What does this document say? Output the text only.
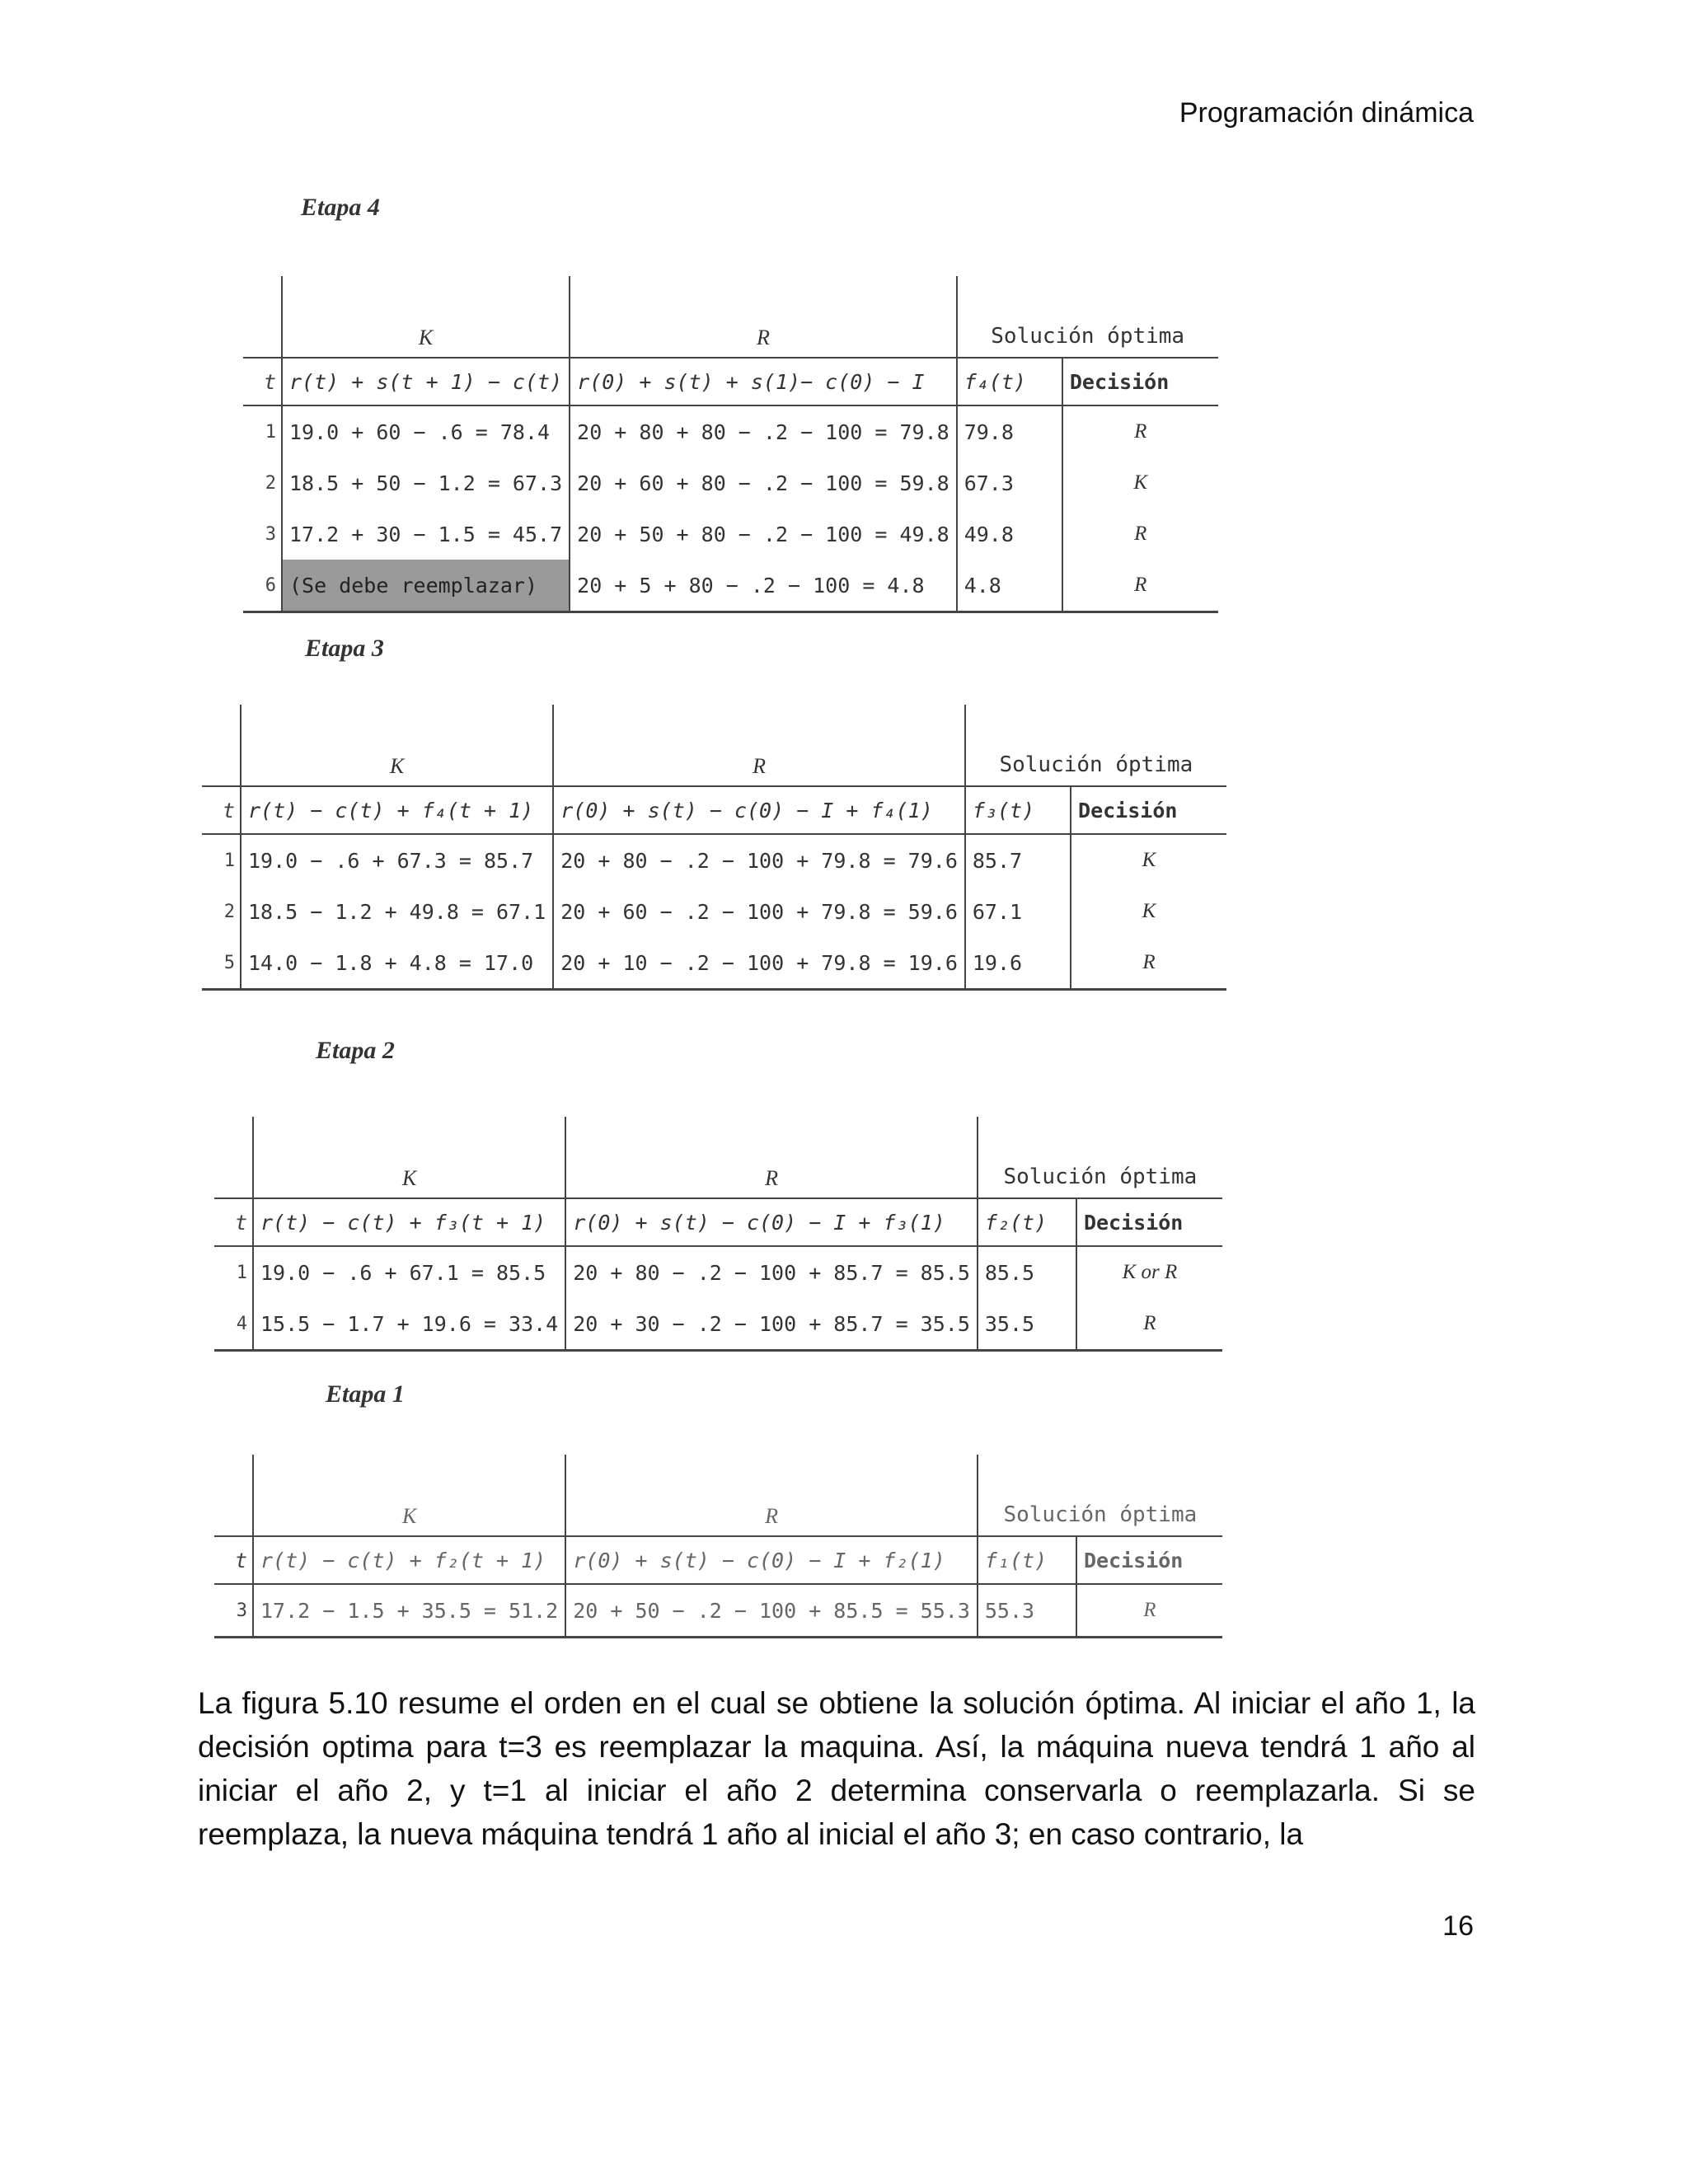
Programación dinámica
Etapa 4
	K	R	Solución óptima	
t	r(t) + s(t + 1) − c(t)	r(0) + s(t) + s(1)− c(0) − I	f₄(t)	Decisión
1	19.0 + 60 − .6 = 78.4	20 + 80 + 80 − .2 − 100 = 79.8	79.8	R
2	18.5 + 50 − 1.2 = 67.3	20 + 60 + 80 − .2 − 100 = 59.8	67.3	K
3	17.2 + 30 − 1.5 = 45.7	20 + 50 + 80 − .2 − 100 = 49.8	49.8	R
6	(Se debe reemplazar)	20 + 5 + 80 − .2 − 100 = 4.8	4.8	R
Etapa 3
	K	R	Solución óptima	
t	r(t) − c(t) + f₄(t + 1)	r(0) + s(t) − c(0) − I + f₄(1)	f₃(t)	Decisión
1	19.0 − .6 + 67.3 = 85.7	20 + 80 − .2 − 100 + 79.8 = 79.6	85.7	K
2	18.5 − 1.2 + 49.8 = 67.1	20 + 60 − .2 − 100 + 79.8 = 59.6	67.1	K
5	14.0 − 1.8 + 4.8 = 17.0	20 + 10 − .2 − 100 + 79.8 = 19.6	19.6	R
Etapa 2
	K	R	Solución óptima	
t	r(t) − c(t) + f₃(t + 1)	r(0) + s(t) − c(0) − I + f₃(1)	f₂(t)	Decisión
1	19.0 − .6 + 67.1 = 85.5	20 + 80 − .2 − 100 + 85.7 = 85.5	85.5	K or R
4	15.5 − 1.7 + 19.6 = 33.4	20 + 30 − .2 − 100 + 85.7 = 35.5	35.5	R
Etapa 1
	K	R	Solución óptima	
t	r(t) − c(t) + f₂(t + 1)	r(0) + s(t) − c(0) − I + f₂(1)	f₁(t)	Decisión
3	17.2 − 1.5 + 35.5 = 51.2	20 + 50 − .2 − 100 + 85.5 = 55.3	55.3	R
La figura 5.10 resume el orden en el cual se obtiene la solución óptima. Al iniciar el año 1, la decisión optima para t=3 es reemplazar la maquina. Así, la máquina nueva tendrá 1 año al iniciar el año 2, y t=1 al iniciar el año 2 determina conservarla o reemplazarla. Si se reemplaza, la nueva máquina tendrá 1 año al inicial el año 3; en caso contrario, la
16
